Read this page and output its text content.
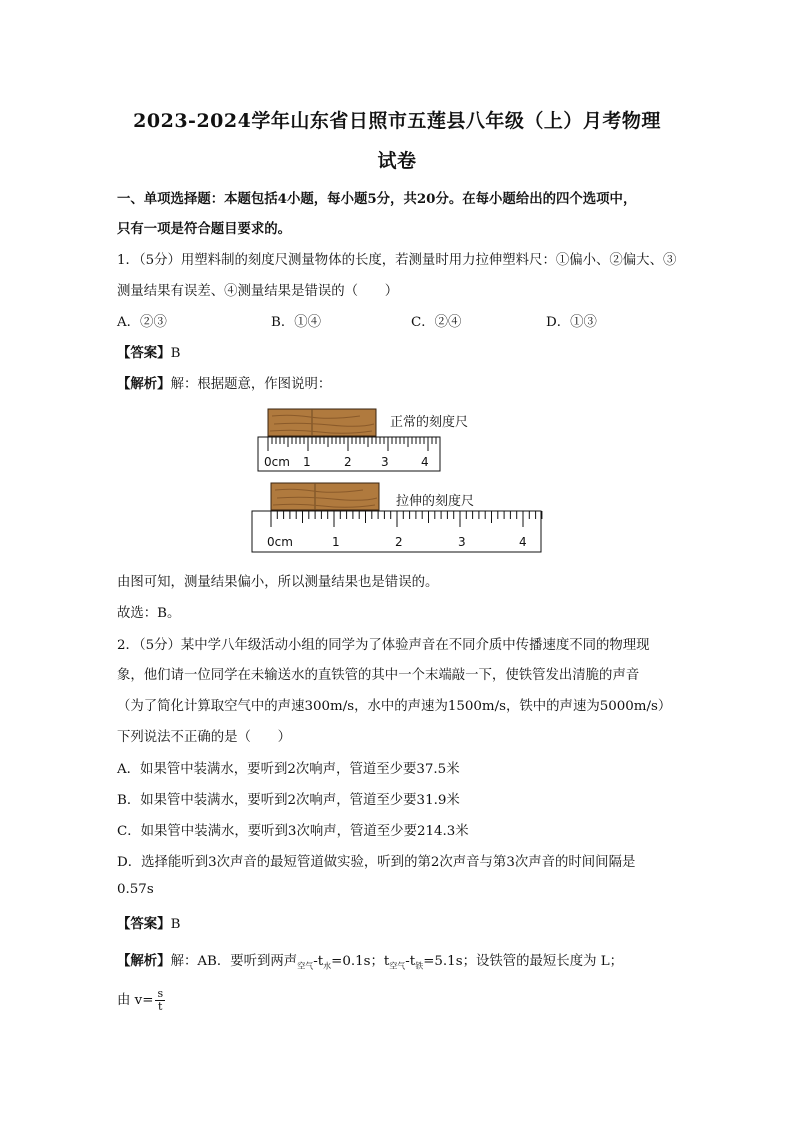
2023-2024学年山东省日照市五莲县八年级（上）月考物理
试卷
一、单项选择题：本题包括4小题，每小题5分，共20分。在每小题给出的四个选项中，
只有一项是符合题目要求的。
1．（5分）用塑料制的刻度尺测量物体的长度，若测量时用力拉伸塑料尺：①偏小、②偏大、③
测量结果有误差、④测量结果是错误的（　　）
A．②③	B．①④	C．②④	D．①③
【答案】B
【解析】解：根据题意，作图说明：
正常的刻度尺
0cm 1	2 3	4
拉伸的刻度尺
0cm	1	2	3	4
由图可知，测量结果偏小，所以测量结果也是错误的。
故选：B。
2．（5分）某中学八年级活动小组的同学为了体验声音在不同介质中传播速度不同的物理现
象，他们请一位同学在未输送水的直铁管的其中一个末端敲一下，使铁管发出清脆的声音
（为了简化计算取空气中的声速300m/s，水中的声速为1500m/s，铁中的声速为5000m/s）
下列说法不正确的是（　　）
A．如果管中装满水，要听到2次响声，管道至少要37.5米
B．如果管中装满水，要听到2次响声，管道至少要31.9米
C．如果管中装满水，要听到3次响声，管道至少要214.3米
D．选择能听到3次声音的最短管道做实验，听到的第2次声音与第3次声音的时间间隔是
0.57s
【答案】B
【解析】解：AB．要听到两声$_{空气}-t_水=0.1s$；$t_{空气}-t_铁=5.1s$；设铁管的最短长度为 L；
由 $v= \frac{s}{t}$
